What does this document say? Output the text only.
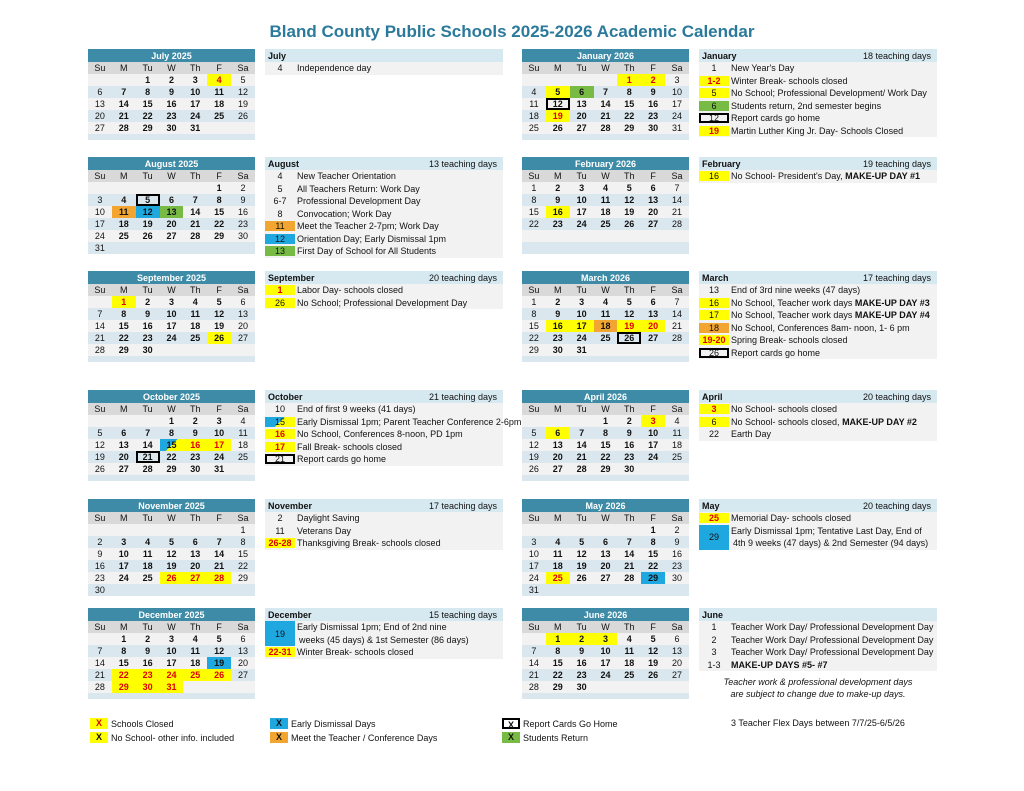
Bland County Public Schools 2025-2026 Academic Calendar
July 2025						
Su	M	Tu	W	Th	F	Sa
		1	2	3	4	5
6	7	8	9	10	11	12
13	14	15	16	17	18	19
20	21	22	23	24	25	26
27	28	29	30	31		

August 2025						
Su	M	Tu	W	Th	F	Sa
					1	2
3	4	5	6	7	8	9
10	11	12	13	14	15	16
17	18	19	20	21	22	23
24	25	26	27	28	29	30
31						
September 2025						
Su	M	Tu	W	Th	F	Sa
	1	2	3	4	5	6
7	8	9	10	11	12	13
14	15	16	17	18	19	20
21	22	23	24	25	26	27
28	29	30				

October 2025						
Su	M	Tu	W	Th	F	Sa
			1	2	3	4
5	6	7	8	9	10	11
12	13	14	15	16	17	18
19	20	21	22	23	24	25
26	27	28	29	30	31	

November 2025						
Su	M	Tu	W	Th	F	Sa
						1
2	3	4	5	6	7	8
9	10	11	12	13	14	15
16	17	18	19	20	21	22
23	24	25	26	27	28	29
30						
December 2025						
Su	M	Tu	W	Th	F	Sa
	1	2	3	4	5	6
7	8	9	10	11	12	13
14	15	16	17	18	19	20
21	22	23	24	25	26	27
28	29	30	31			

January 2026						
Su	M	Tu	W	Th	F	Sa
				1	2	3
4	5	6	7	8	9	10
11	12	13	14	15	16	17
18	19	20	21	22	23	24
25	26	27	28	29	30	31

February 2026						
Su	M	Tu	W	Th	F	Sa
1	2	3	4	5	6	7
8	9	10	11	12	13	14
15	16	17	18	19	20	21
22	23	24	25	26	27	28

March 2026						
Su	M	Tu	W	Th	F	Sa
1	2	3	4	5	6	7
8	9	10	11	12	13	14
15	16	17	18	19	20	21
22	23	24	25	26	27	28
29	30	31				

April 2026						
Su	M	Tu	W	Th	F	Sa
			1	2	3	4
5	6	7	8	9	10	11
12	13	14	15	16	17	18
19	20	21	22	23	24	25
26	27	28	29	30		

May 2026						
Su	M	Tu	W	Th	F	Sa
					1	2
3	4	5	6	7	8	9
10	11	12	13	14	15	16
17	18	19	20	21	22	23
24	25	26	27	28	29	30
31						
June 2026						
Su	M	Tu	W	Th	F	Sa
	1	2	3	4	5	6
7	8	9	10	11	12	13
14	15	16	17	18	19	20
21	22	23	24	25	26	27
28	29	30				

July
4	Independence day
August	13 teaching days
4	New Teacher Orientation
5	All Teachers Return: Work Day
6-7	Professional Development Day
8	Convocation; Work Day
11	Meet the Teacher 2-7pm; Work Day
12	Orientation Day; Early Dismissal 1pm
13	First Day of School for All Students
September	20 teaching days
1	Labor Day- schools closed
26	No School; Professional Development Day
October	21 teaching days
10	End of first 9 weeks (41 days)
15	Early Dismissal 1pm; Parent Teacher Conference 2-6pm
16	No School, Conferences 8-noon, PD 1pm
17	Fall Break- schools closed
21	Report cards go home
November	17 teaching days
2	Daylight Saving
11	Veterans Day
26-28 Thanksgiving Break- schools closed
December	15 teaching days
19
Early Dismissal 1pm; End of 2nd nine
weeks (45 days) & 1st Semester (86 days)
22-31 Winter Break- schools closed
January	18 teaching days
1	New Year's Day
1-2	Winter Break- schools closed
5	No School; Professional Development/ Work Day
6	Students return, 2nd semester begins
12	Report cards go home
19	Martin Luther King Jr. Day- Schools Closed
February	19 teaching days
16	No School- President's Day, MAKE-UP DAY #1
March	17 teaching days
13	End of 3rd nine weeks (47 days)
16	No School, Teacher work days MAKE-UP DAY #3
17	No School, Teacher work days MAKE-UP DAY #4
18	No School, Conferences 8am- noon, 1- 6 pm
19-20 Spring Break- schools closed
26	Report cards go home
April	20 teaching days
3	No School- schools closed
6	No School- schools closed, MAKE-UP DAY #2
22	Earth Day
May	20 teaching days
25	Memorial Day- schools closed
29
Early Dismissal 1pm; Tentative Last Day, End of
4th 9 weeks (47 days) & 2nd Semester (94 days)
June
1	Teacher Work Day/ Professional Development Day
2	Teacher Work Day/ Professional Development Day
3	Teacher Work Day/ Professional Development Day
1-3	MAKE-UP DAYS #5- #7
Teacher work & professional development days
are subject to change due to make-up days.
X	Schools Closed
X	No School- other info. included
X	Early Dismissal Days
X	Meet the Teacher / Conference Days
X	Report Cards Go Home
X	Students Return
3 Teacher Flex Days between 7/7/25-6/5/26
